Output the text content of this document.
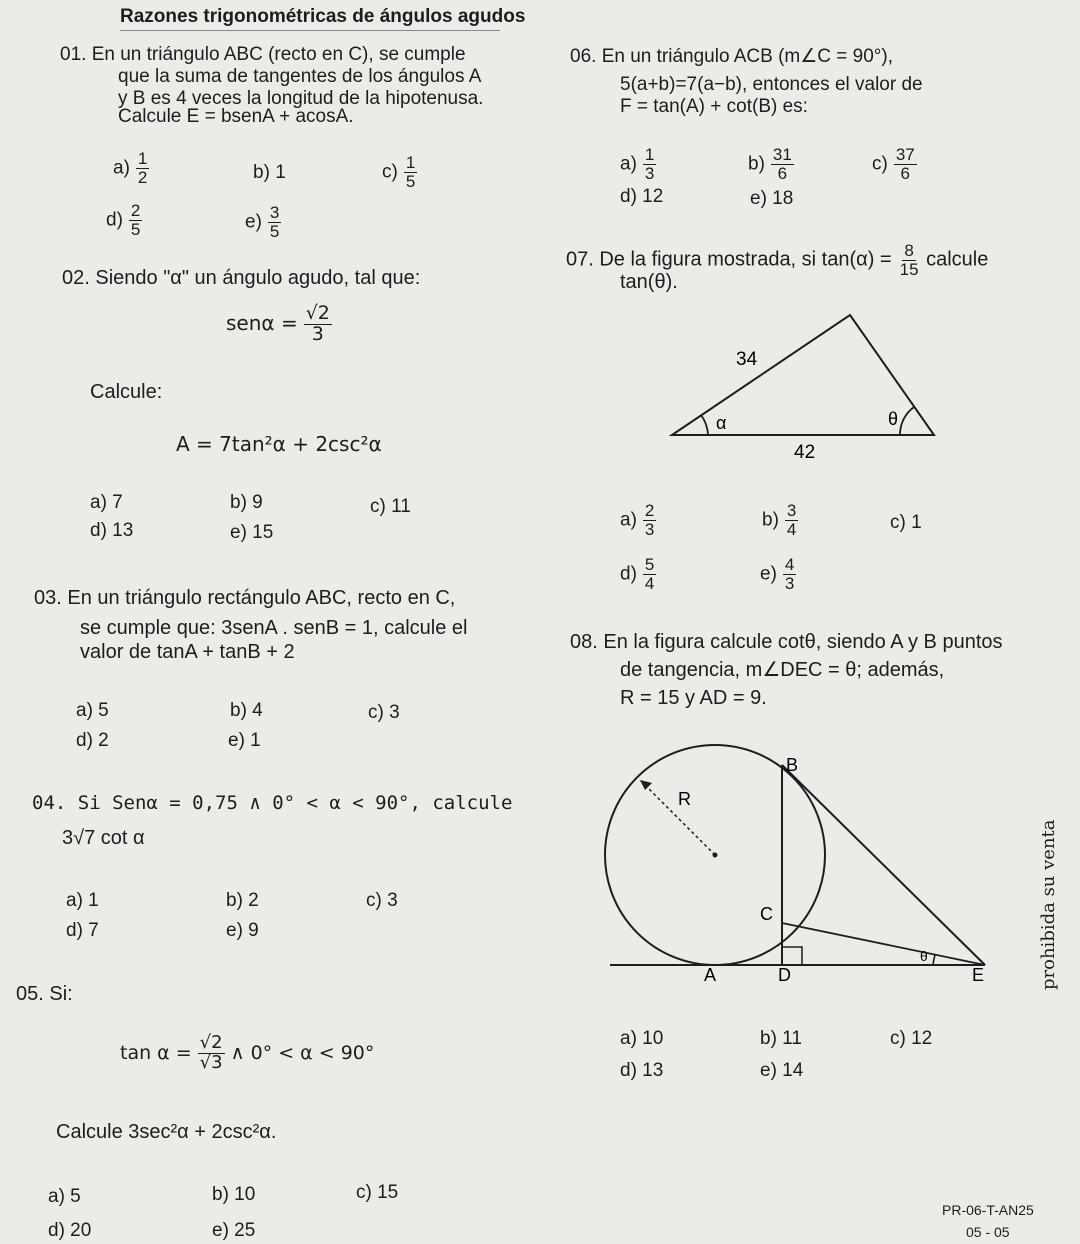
Razones trigonométricas de ángulos agudos
01. En un triángulo ABC (recto en C), se cumple
que la suma de tangentes de los ángulos A
y B es 4 veces la longitud de la hipotenusa.
Calcule E = bsenA + acosA.
$a) \frac{1}{2}$	b) 1	$c) \frac{1}{5}$
$d) \frac{2}{5}$	$e) \frac{3}{5}$
02. Siendo "α" un ángulo agudo, tal que:
$sen\alpha = \frac{√2}{3}$
Calcule:
A = 7tan²α + 2csc²α
a) 7	b) 9	c) 11
d) 13	e) 15
03. En un triángulo rectángulo ABC, recto en C,
se cumple que: 3senA . senB = 1, calcule el
valor de tanA + tanB + 2
a) 5	b) 4	c) 3
d) 2	e) 1
04. Si Senα = 0,75 ∧ 0° < α < 90°, calcule
3√7 cot α
a) 1	b) 2	c) 3
d) 7	e) 9
05. Si:
$\tan \alpha = \frac{√2}{√3}$ ∧ 0° < α < 90°
Calcule 3sec²α + 2csc²α.
a) 5	b) 10	c) 15
d) 20	e) 25
06. En un triángulo ACB (m∠C = 90°),
5(a+b)=7(a−b), entonces el valor de
F = tan(A) + cot(B) es:
$a) \frac{1}{3}$	$b) \frac{31}{6}$	$c) \frac{37}{6}$
d) 12	e) 18
07. De la figura mostrada, si $\tan(\alpha) = \frac{8}{15}$ calcule
tan(θ).
34
42
α	θ
$a) \frac{2}{3}$	$b) \frac{3}{4}$	c) 1
$d) \frac{5}{4}$	$e) \frac{4}{3}$
08. En la figura calcule cotθ, siendo A y B puntos
de tangencia, m∠DEC = θ; además,
R = 15 y AD = 9.
B
R
C
A	D	E
θ
a) 10	b) 11	c) 12
d) 13	e) 14
prohibida su venta
PR-06-T-AN25
05 - 05
